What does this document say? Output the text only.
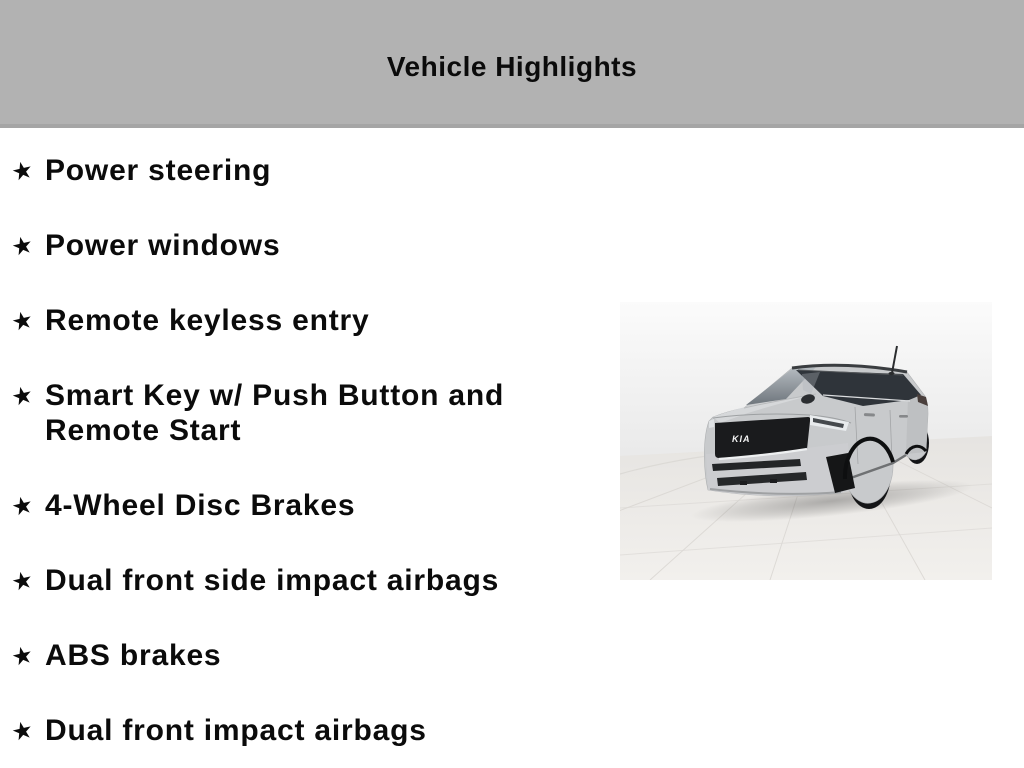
Vehicle Highlights
★ Power steering
★ Power windows
★ Remote keyless entry
★ Smart Key w/ Push Button and Remote Start
★ 4-Wheel Disc Brakes
★ Dual front side impact airbags
★ ABS brakes
★ Dual front impact airbags
KIA
